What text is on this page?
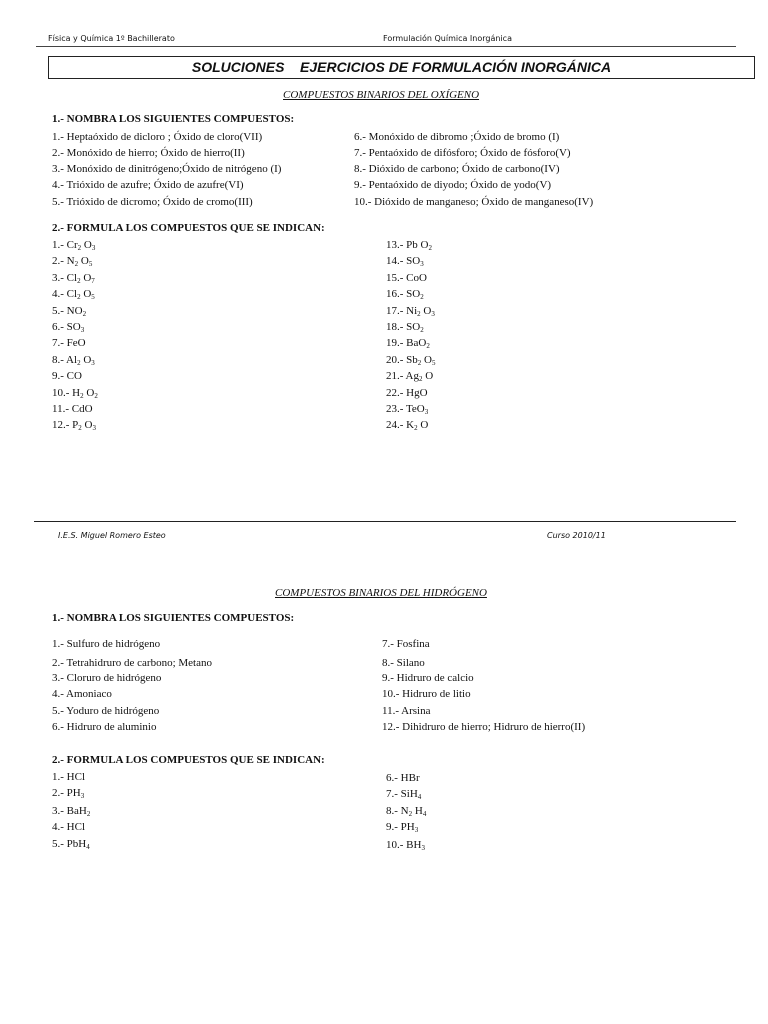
Física y Química 1º Bachillerato	Formulación Química Inorgánica
SOLUCIONES EJERCICIOS DE FORMULACIÓN INORGÁNICA
COMPUESTOS BINARIOS DEL OXÍGENO
1.- NOMBRA LOS SIGUIENTES COMPUESTOS:
1.- Heptaóxido de dicloro ; Óxido de cloro(VII)
2.- Monóxido de hierro; Óxido de hierro(II)
3.- Monóxido de dinitrógeno;Óxido de nitrógeno (I)
4.- Trióxido de azufre; Óxido de azufre(VI)
5.- Trióxido de dicromo; Óxido de cromo(III)
6.- Monóxido de dibromo ;Óxido de bromo (I)
7.- Pentaóxido de difósforo; Óxido de fósforo(V)
8.- Dióxido de carbono; Óxido de carbono(IV)
9.- Pentaóxido de diyodo; Óxido de yodo(V)
10.- Dióxido de manganeso; Óxido de manganeso(IV)
2.- FORMULA LOS COMPUESTOS QUE SE INDICAN:
1.- $Cr_2$ $O_3$
2.- $N_2$ $O_5$
3.- $Cl_2$ $O_7$
4.- $Cl_2$ $O_5$
5.- $NO_2$
6.- $SO_3$
7.- FeO
8.- $Al_2$ $O_3$
9.- CO
10.- $H_2$ $O_2$
11.- CdO
12.- $P_2$ $O_3$
13.- Pb $O_2$
14.- $SO_3$
15.- CoO
16.- $SO_2$
17.- $Ni_2$ $O_3$
18.- $SO_2$
19.- BaO$_2$
20.- $Sb_2$ $O_5$
21.- $Ag_2$ O
22.- HgO
23.- TeO$_3$
24.- $K_2$ O
I.E.S. Miguel Romero Esteo	Curso 2010/11
COMPUESTOS BINARIOS DEL HIDRÓGENO
1.- NOMBRA LOS SIGUIENTES COMPUESTOS:
1.- Sulfuro de hidrógeno
2.- Tetrahidruro de carbono; Metano
3.- Cloruro de hidrógeno
4.- Amoniaco
5.- Yoduro de hidrógeno
6.- Hidruro de aluminio
7.- Fosfina
8.- Silano
9.- Hidruro de calcio
10.- Hidruro de litio
11.- Arsina
12.- Dihidruro de hierro; Hidruro de hierro(II)
2.- FORMULA LOS COMPUESTOS QUE SE INDICAN:
1.- HCl
2.- $PH_3$
3.- BaH$_2$
4.- HCl
5.- PbH$_4$
6.- HBr
7.- SiH$_4$
8.- $N_2$ $H_4$
9.- $PH_3$
10.- $BH_3$
